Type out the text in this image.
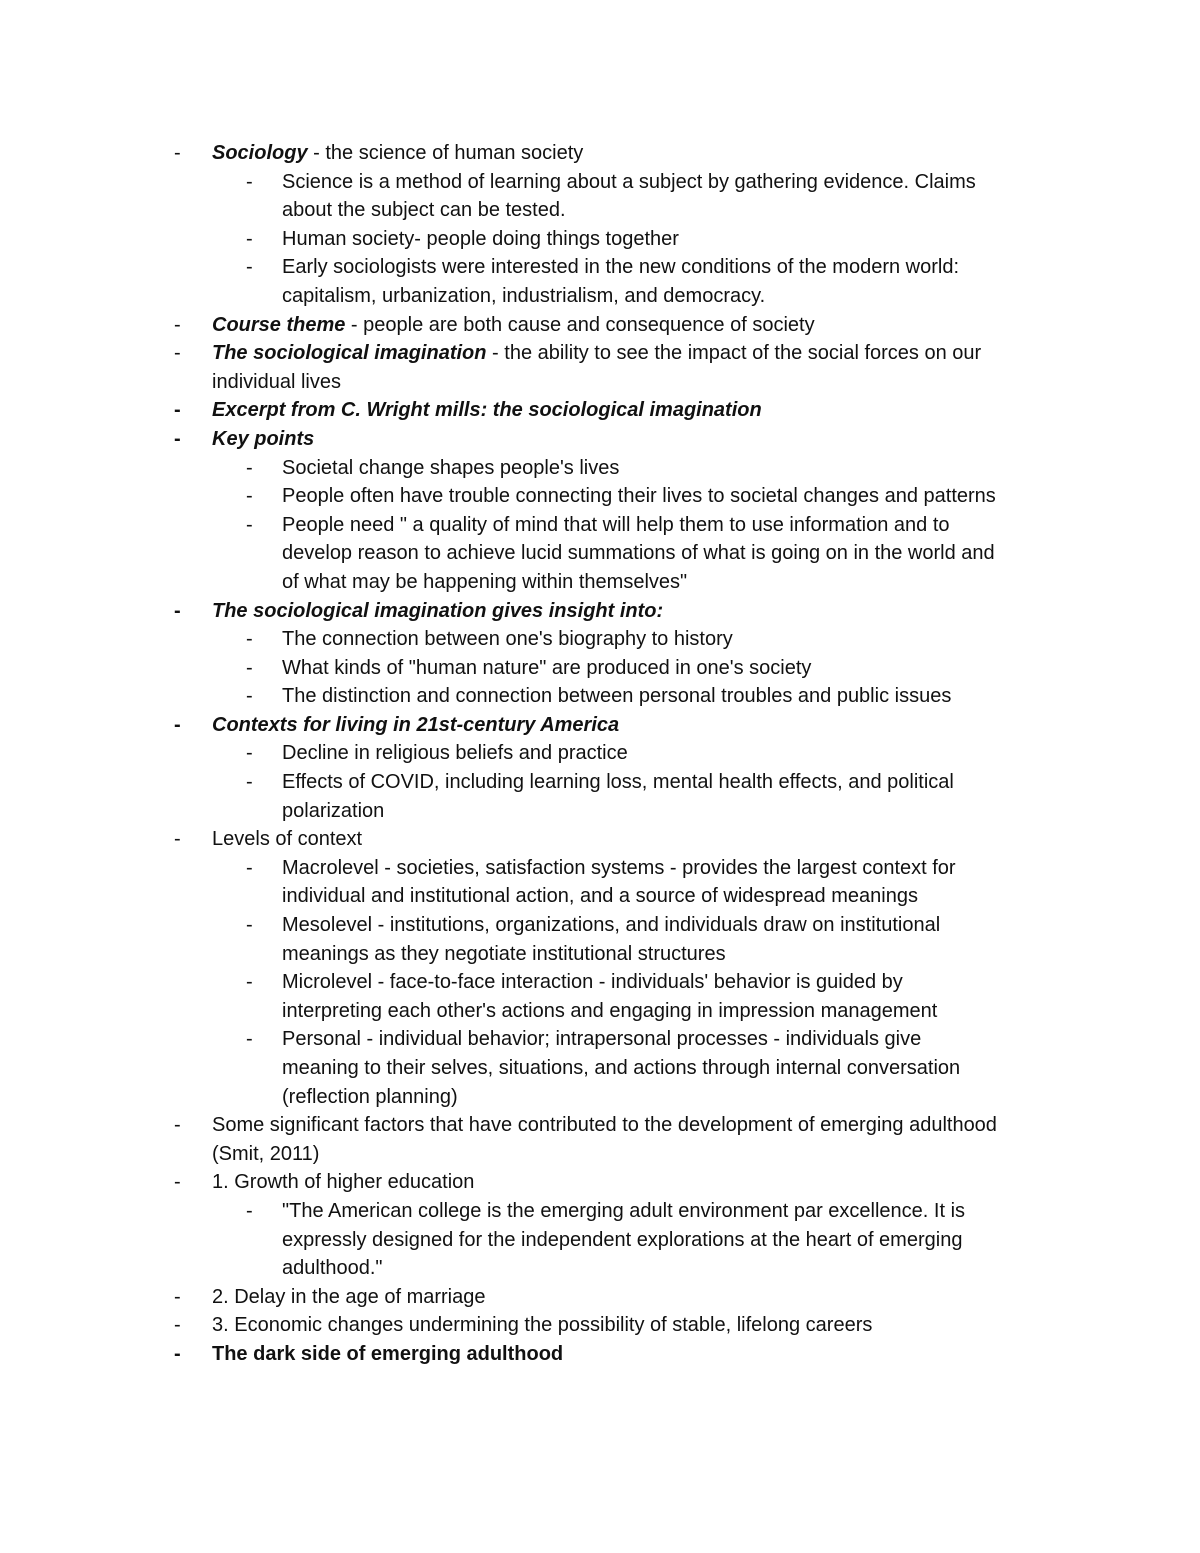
- Sociology - the science of human society
- Science is a method of learning about a subject by gathering evidence. Claims
about the subject can be tested.
- Human society- people doing things together
- Early sociologists were interested in the new conditions of the modern world:
capitalism, urbanization, industrialism, and democracy.
- Course theme - people are both cause and consequence of society
- The sociological imagination - the ability to see the impact of the social forces on our
individual lives
- Excerpt from C. Wright mills: the sociological imagination
- Key points
- Societal change shapes people's lives
- People often have trouble connecting their lives to societal changes and patterns
- People need " a quality of mind that will help them to use information and to
develop reason to achieve lucid summations of what is going on in the world and
of what may be happening within themselves"
- The sociological imagination gives insight into:
- The connection between one's biography to history
- What kinds of "human nature" are produced in one's society
- The distinction and connection between personal troubles and public issues
- Contexts for living in 21st-century America
- Decline in religious beliefs and practice
- Effects of COVID, including learning loss, mental health effects, and political
polarization
- Levels of context
- Macrolevel - societies, satisfaction systems - provides the largest context for
individual and institutional action, and a source of widespread meanings
- Mesolevel - institutions, organizations, and individuals draw on institutional
meanings as they negotiate institutional structures
- Microlevel - face-to-face interaction - individuals' behavior is guided by
interpreting each other's actions and engaging in impression management
- Personal - individual behavior; intrapersonal processes - individuals give
meaning to their selves, situations, and actions through internal conversation
(reflection planning)
- Some significant factors that have contributed to the development of emerging adulthood
(Smit, 2011)
- 1. Growth of higher education
- "The American college is the emerging adult environment par excellence. It is
expressly designed for the independent explorations at the heart of emerging
adulthood."
- 2. Delay in the age of marriage
- 3. Economic changes undermining the possibility of stable, lifelong careers
- The dark side of emerging adulthood
